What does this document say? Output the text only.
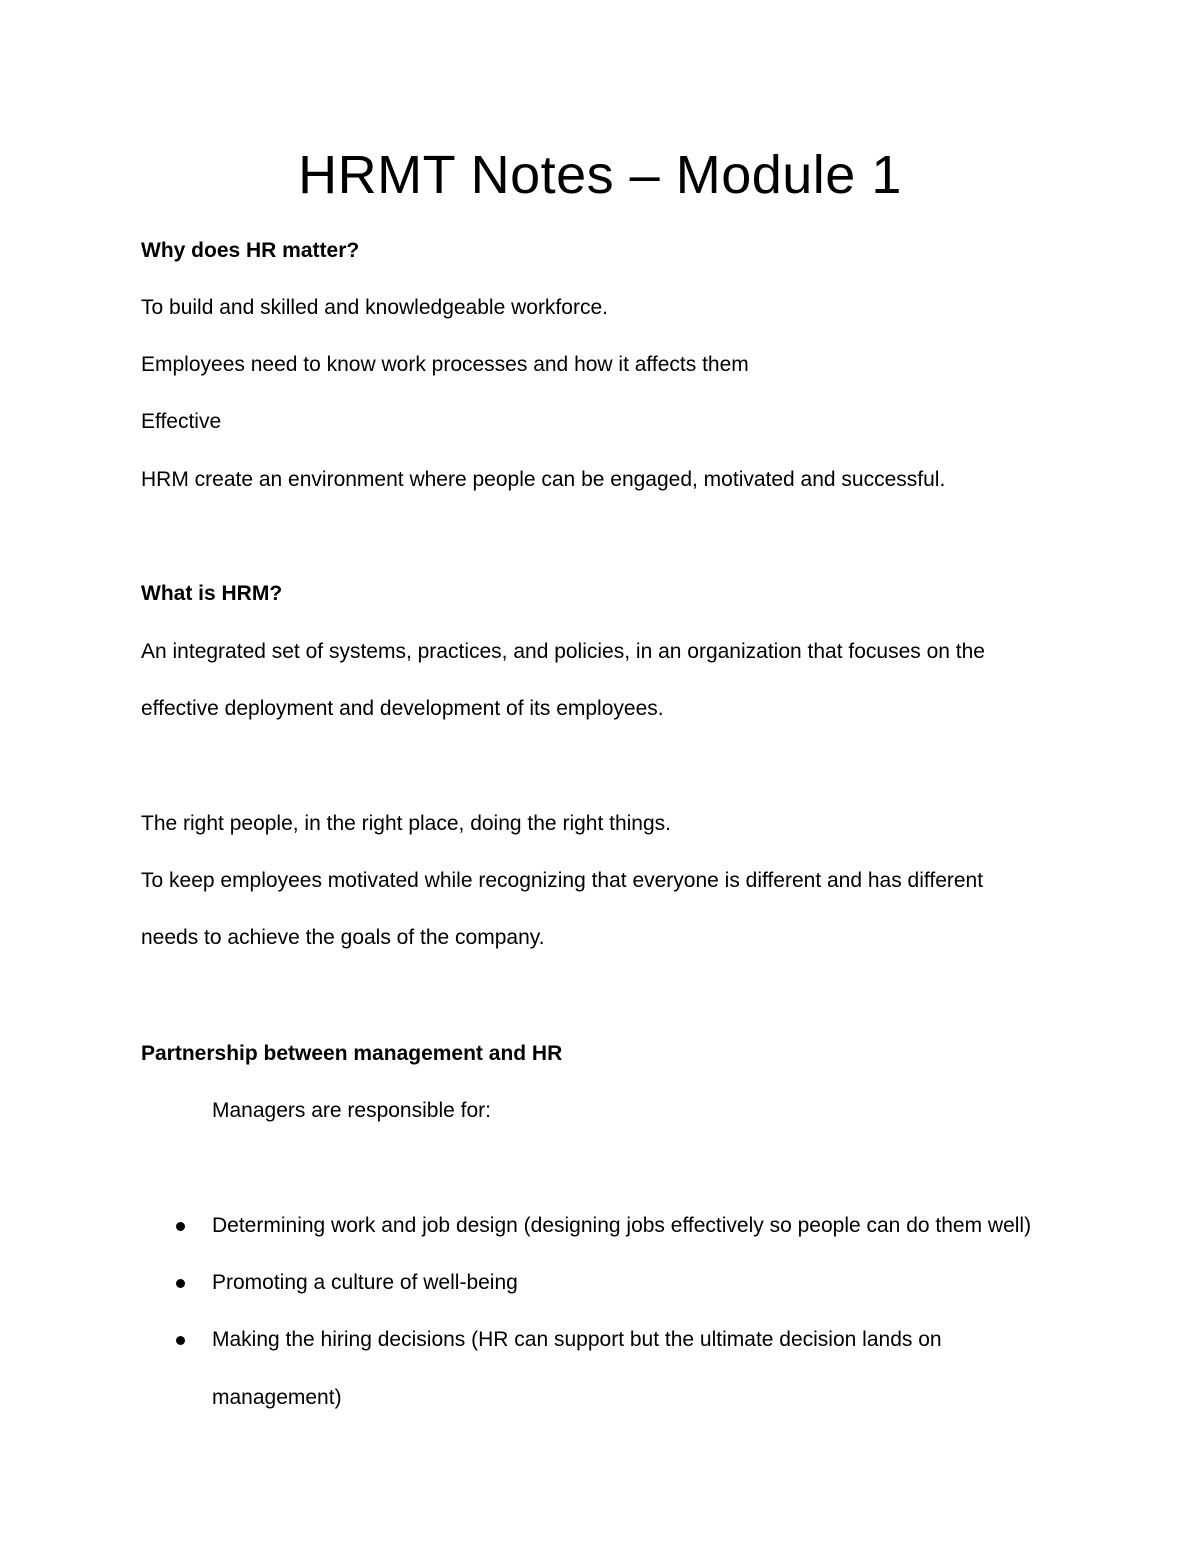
HRMT Notes – Module 1

Why does HR matter?

To build and skilled and knowledgeable workforce.

Employees need to know work processes and how it affects them

Effective

HRM create an environment where people can be engaged, motivated and successful.

What is HRM?

An integrated set of systems, practices, and policies, in an organization that focuses on the

effective deployment and development of its employees.

The right people, in the right place, doing the right things.

To keep employees motivated while recognizing that everyone is different and has different

needs to achieve the goals of the company.

Partnership between management and HR

Managers are responsible for:

Determining work and job design (designing jobs effectively so people can do them well)

Promoting a culture of well-being

Making the hiring decisions (HR can support but the ultimate decision lands on

management)
